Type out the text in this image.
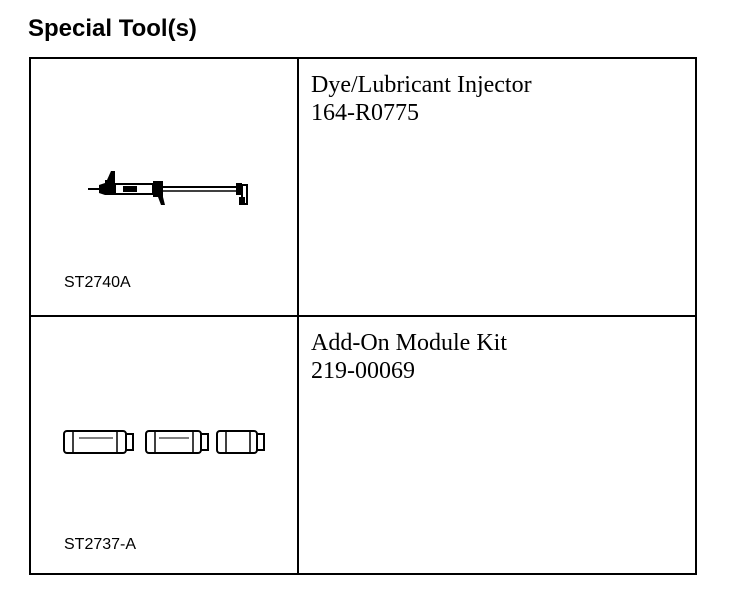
Special Tool(s)
ST2740A	Dye/Lubricant Injector
164-R0775

ST2737-A	Add-On Module Kit
219-00069
